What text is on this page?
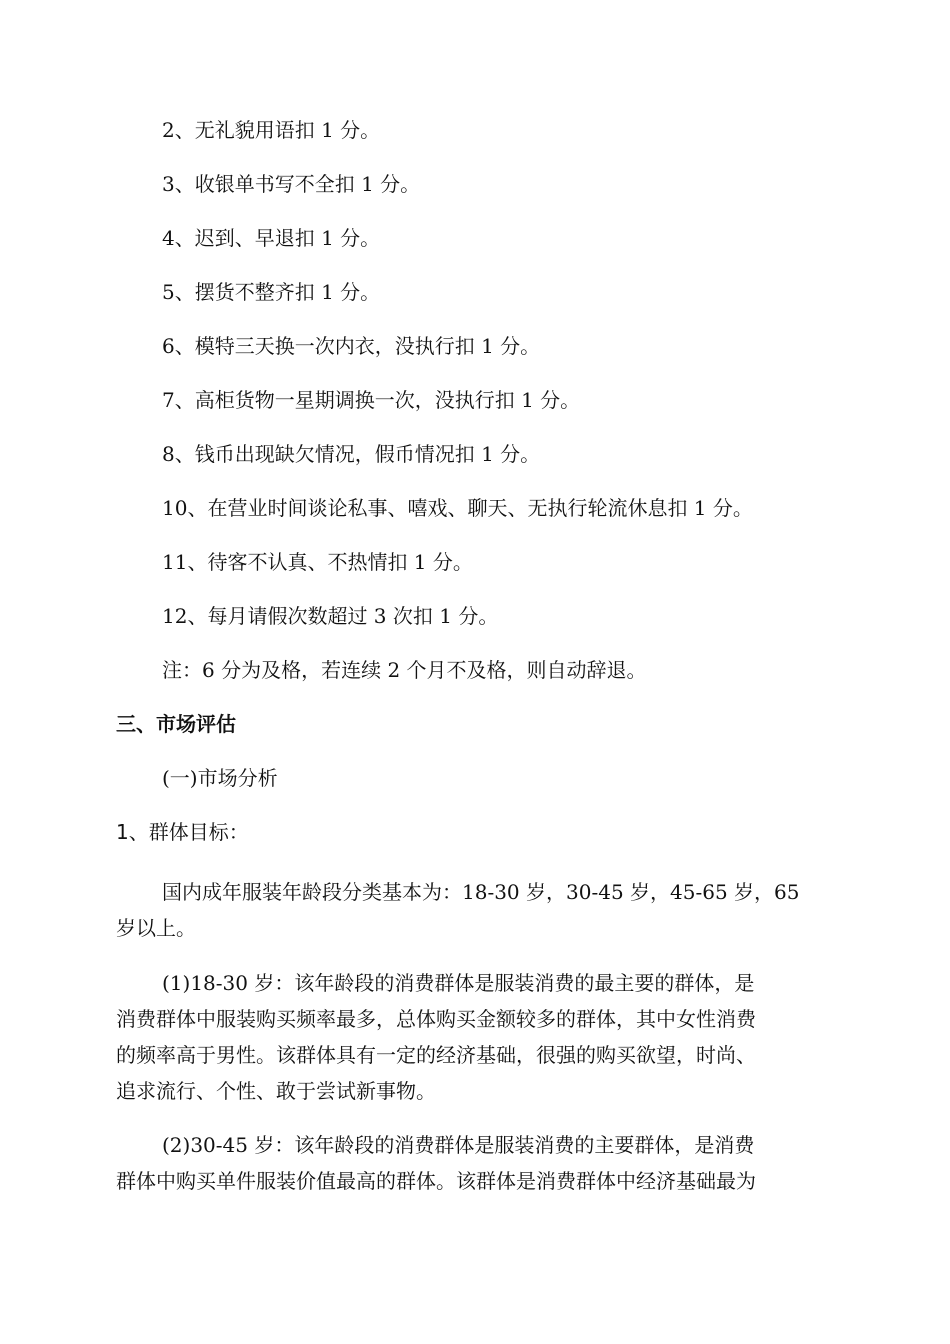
2、无礼貌用语扣 1 分。
3、收银单书写不全扣 1 分。
4、迟到、早退扣 1 分。
5、摆货不整齐扣 1 分。
6、模特三天换一次内衣，没执行扣 1 分。
7、高柜货物一星期调换一次，没执行扣 1 分。
8、钱币出现缺欠情况，假币情况扣 1 分。
10、在营业时间谈论私事、嘻戏、聊天、无执行轮流休息扣 1 分。
11、待客不认真、不热情扣 1 分。
12、每月请假次数超过 3 次扣 1 分。
注：6 分为及格，若连续 2 个月不及格，则自动辞退。
三、市场评估
(一)市场分析
1、群体目标：
国内成年服装年龄段分类基本为：18-30 岁，30-45 岁，45-65 岁，65
岁以上。
(1)18-30 岁：该年龄段的消费群体是服装消费的最主要的群体，是
消费群体中服装购买频率最多，总体购买金额较多的群体，其中女性消费
的频率高于男性。该群体具有一定的经济基础，很强的购买欲望，时尚、
追求流行、个性、敢于尝试新事物。
(2)30-45 岁：该年龄段的消费群体是服装消费的主要群体，是消费
群体中购买单件服装价值最高的群体。该群体是消费群体中经济基础最为
